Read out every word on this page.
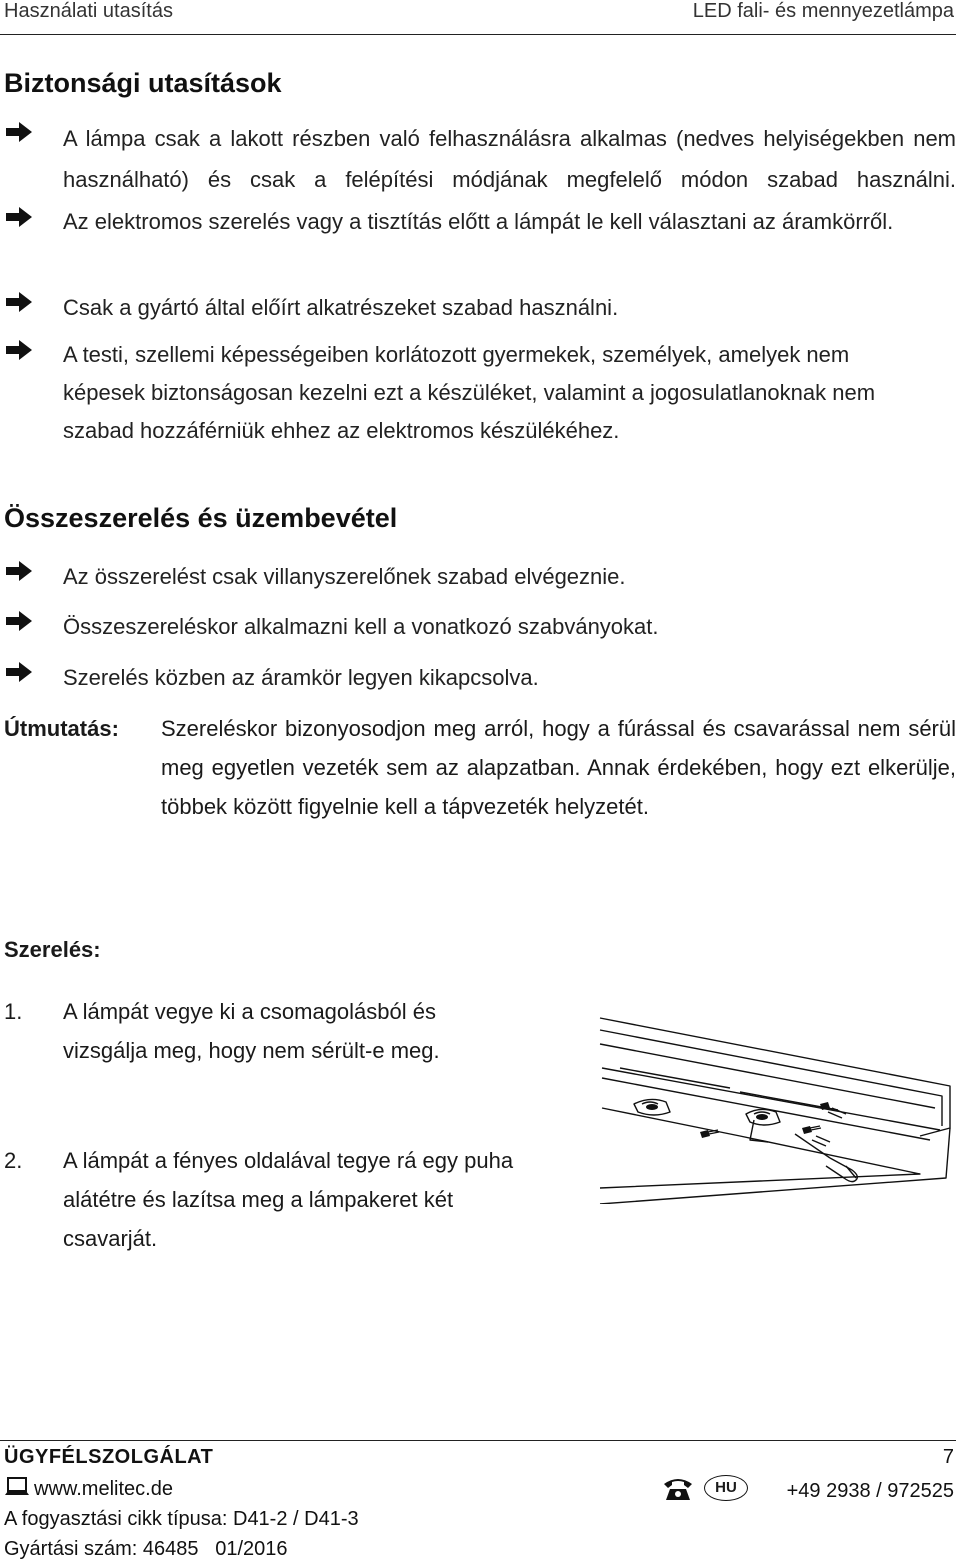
Használati utasítás	LED fali- és mennyezetlámpa
Biztonsági utasítások
A lámpa csak a lakott részben való felhasználásra alkalmas (nedves helyiségekben nem használható) és csak a felépítési módjának megfelelő módon szabad használni.
Az elektromos szerelés vagy a tisztítás előtt a lámpát le kell választani az áramkörről.
Csak a gyártó által előírt alkatrészeket szabad használni.
A testi, szellemi képességeiben korlátozott gyermekek, személyek, amelyek nem képesek biztonságosan kezelni ezt a készüléket, valamint a jogosulatlanoknak nem szabad hozzáférniük ehhez az elektromos készülékéhez.
Összeszerelés és üzembevétel
Az összerelést csak villanyszerelőnek szabad elvégeznie.
Összeszereléskor alkalmazni kell a vonatkozó szabványokat.
Szerelés közben az áramkör legyen kikapcsolva.
Útmutatás: Szereléskor bizonyosodjon meg arról, hogy a fúrással és csavarással nem sérül meg egyetlen vezeték sem az alapzatban. Annak érdekében, hogy ezt elkerülje, többek között figyelnie kell a tápvezeték helyzetét.
Szerelés:
1. A lámpát vegye ki a csomagolásból és vizsgálja meg, hogy nem sérült-e meg.
2. A lámpát a fényes oldalával tegye rá egy puha alátétre és lazítsa meg a lámpakeret két csavarját.
ÜGYFÉLSZOLGÁLAT	7
www.melitec.de	HU	+49 2938 / 972525
A fogyasztási cikk típusa: D41-2 / D41-3
Gyártási szám: 46485   01/2016
